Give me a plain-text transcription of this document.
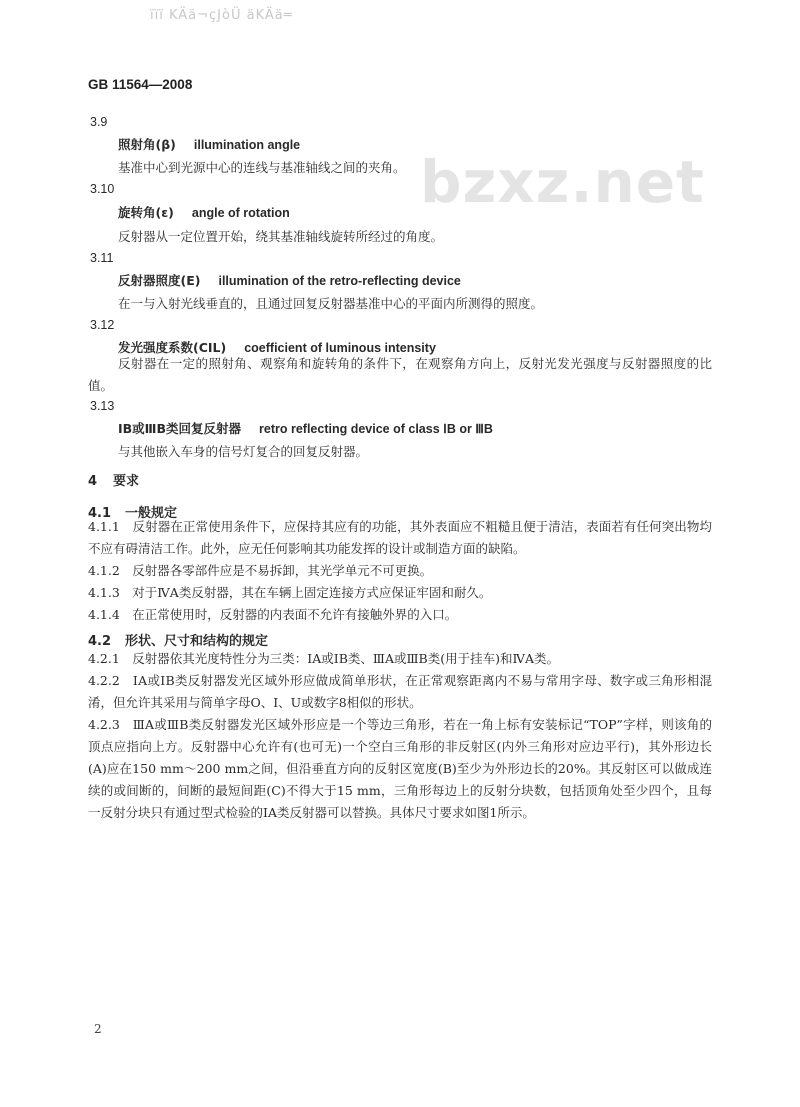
ïïï KÄä¬çJòÜ äKÄä═
GB 11564—2008
bzxz.net
3.9
照射角(β) illumination angle
基准中心到光源中心的连线与基准轴线之间的夹角。
3.10
旋转角(ε) angle of rotation
反射器从一定位置开始，绕其基准轴线旋转所经过的角度。
3.11
反射器照度(E) illumination of the retro-reflecting device
在一与入射光线垂直的，且通过回复反射器基准中心的平面内所测得的照度。
3.12
发光强度系数(CIL) coefficient of luminous intensity
反射器在一定的照射角、观察角和旋转角的条件下，在观察角方向上，反射光发光强度与反射器照度的比值。
3.13
ⅠB或ⅢB类回复反射器 retro reflecting device of class ⅠB or ⅢB
与其他嵌入车身的信号灯复合的回复反射器。
4 要求
4.1 一般规定
4.1.1　反射器在正常使用条件下，应保持其应有的功能，其外表面应不粗糙且便于清洁，表面若有任何突出物均不应有碍清洁工作。此外，应无任何影响其功能发挥的设计或制造方面的缺陷。
4.1.2　反射器各零部件应是不易拆卸，其光学单元不可更换。
4.1.3　对于ⅣA类反射器，其在车辆上固定连接方式应保证牢固和耐久。
4.1.4　在正常使用时，反射器的内表面不允许有接触外界的入口。
4.2 形状、尺寸和结构的规定
4.2.1　反射器依其光度特性分为三类：ⅠA或ⅠB类、ⅢA或ⅢB类(用于挂车)和ⅣA类。
4.2.2　ⅠA或ⅠB类反射器发光区域外形应做成简单形状，在正常观察距离内不易与常用字母、数字或三角形相混淆，但允许其采用与简单字母O、I、U或数字8相似的形状。
4.2.3　ⅢA或ⅢB类反射器发光区域外形应是一个等边三角形，若在一角上标有安装标记“TOP”字样，则该角的顶点应指向上方。反射器中心允许有(也可无)一个空白三角形的非反射区(内外三角形对应边平行)，其外形边长(A)应在150 mm～200 mm之间，但沿垂直方向的反射区宽度(B)至少为外形边长的20%。其反射区可以做成连续的或间断的，间断的最短间距(C)不得大于15 mm，三角形每边上的反射分块数，包括顶角处至少四个，且每一反射分块只有通过型式检验的ⅠA类反射器可以替换。具体尺寸要求如图1所示。
2
